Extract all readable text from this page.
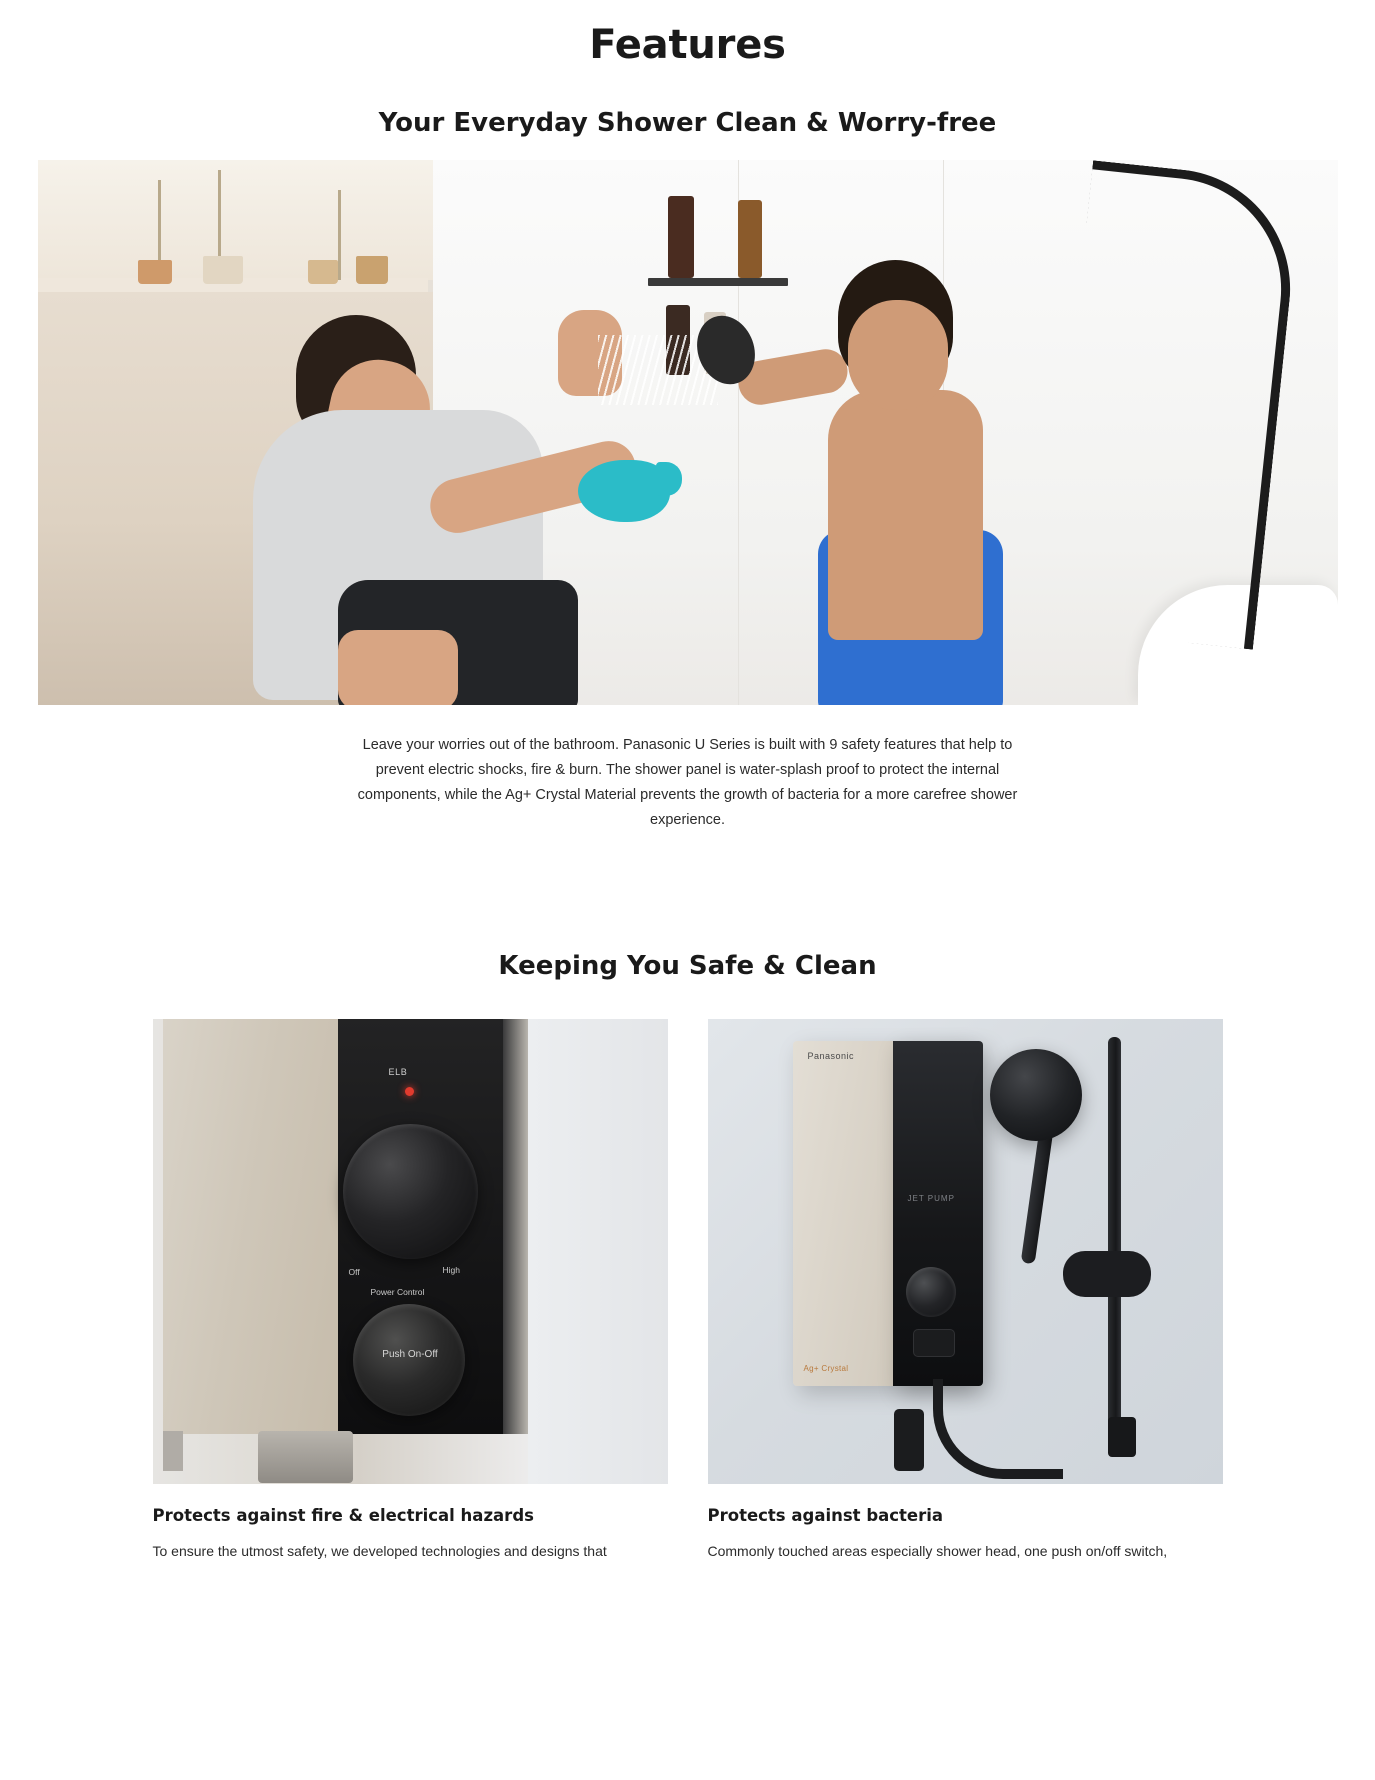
Features
Your Everyday Shower Clean & Worry-free

Leave your worries out of the bathroom. Panasonic U Series is built with 9 safety features that help to prevent electric shocks, fire & burn. The shower panel is water-splash proof to protect the internal components, while the Ag+ Crystal Material prevents the growth of bacteria for a more carefree shower experience.

Keeping You Safe & Clean
ELB
Off	High
Power Control
Push On-Off
Protects against fire & electrical hazards

To ensure the utmost safety, we developed technologies and designs that

Panasonic
Ag+ Crystal
JET PUMP
Protects against bacteria

Commonly touched areas especially shower head, one push on/off switch,
